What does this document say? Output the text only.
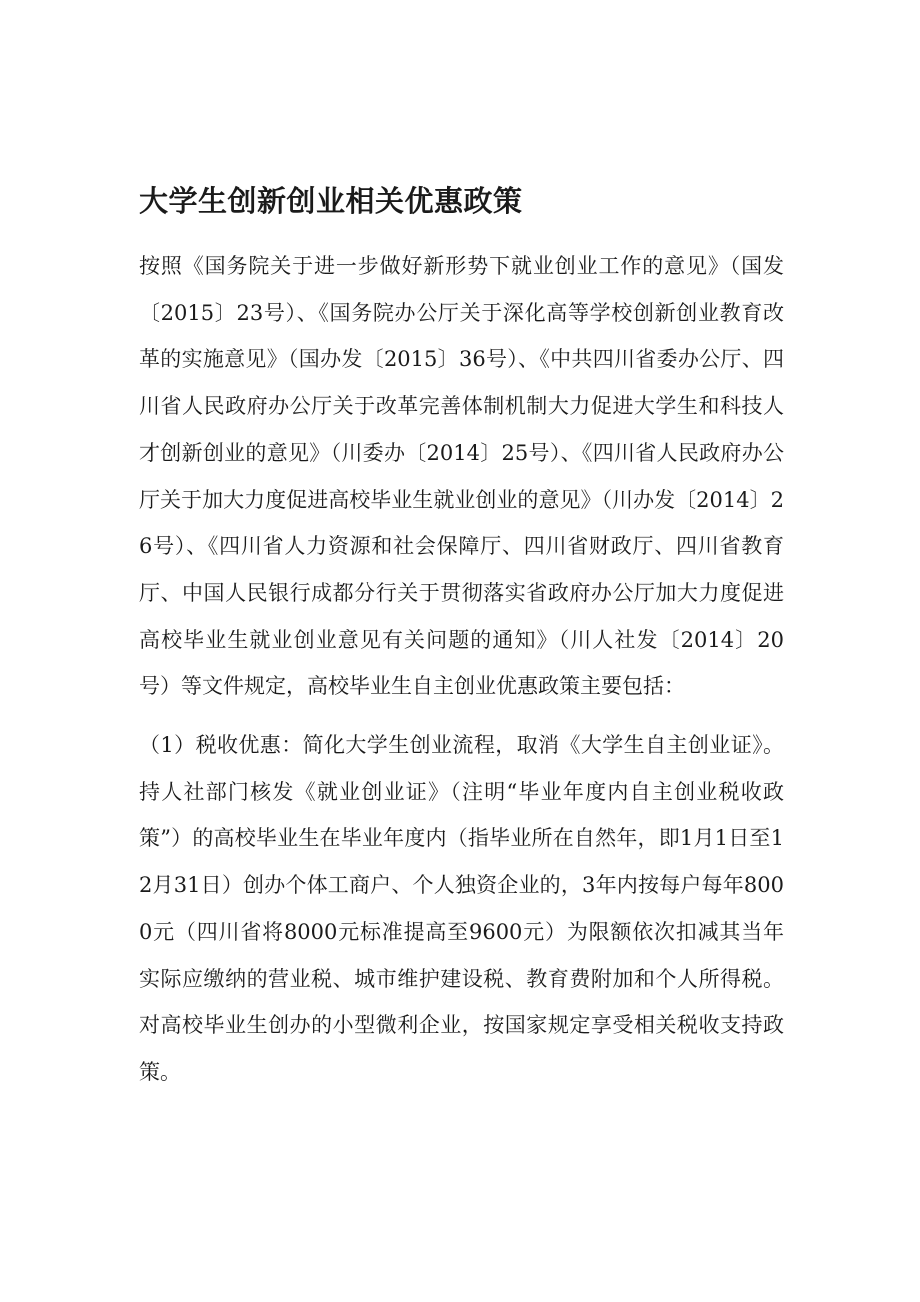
大学生创新创业相关优惠政策

按照《国务院关于进一步做好新形势下就业创业工作的意见》（国发〔2015〕23号）、《国务院办公厅关于深化高等学校创新创业教育改革的实施意见》（国办发〔2015〕36号）、《中共四川省委办公厅、四川省人民政府办公厅关于改革完善体制机制大力促进大学生和科技人才创新创业的意见》（川委办〔2014〕25号）、《四川省人民政府办公厅关于加大力度促进高校毕业生就业创业的意见》（川办发〔2014〕26号）、《四川省人力资源和社会保障厅、四川省财政厅、四川省教育厅、中国人民银行成都分行关于贯彻落实省政府办公厅加大力度促进高校毕业生就业创业意见有关问题的通知》（川人社发〔2014〕20号）等文件规定，高校毕业生自主创业优惠政策主要包括：

（1）税收优惠：简化大学生创业流程，取消《大学生自主创业证》。持人社部门核发《就业创业证》（注明“毕业年度内自主创业税收政策”）的高校毕业生在毕业年度内（指毕业所在自然年，即1月1日至12月31日）创办个体工商户、个人独资企业的，3年内按每户每年8000元（四川省将8000元标准提高至9600元）为限额依次扣减其当年实际应缴纳的营业税、城市维护建设税、教育费附加和个人所得税。对高校毕业生创办的小型微利企业，按国家规定享受相关税收支持政策。
